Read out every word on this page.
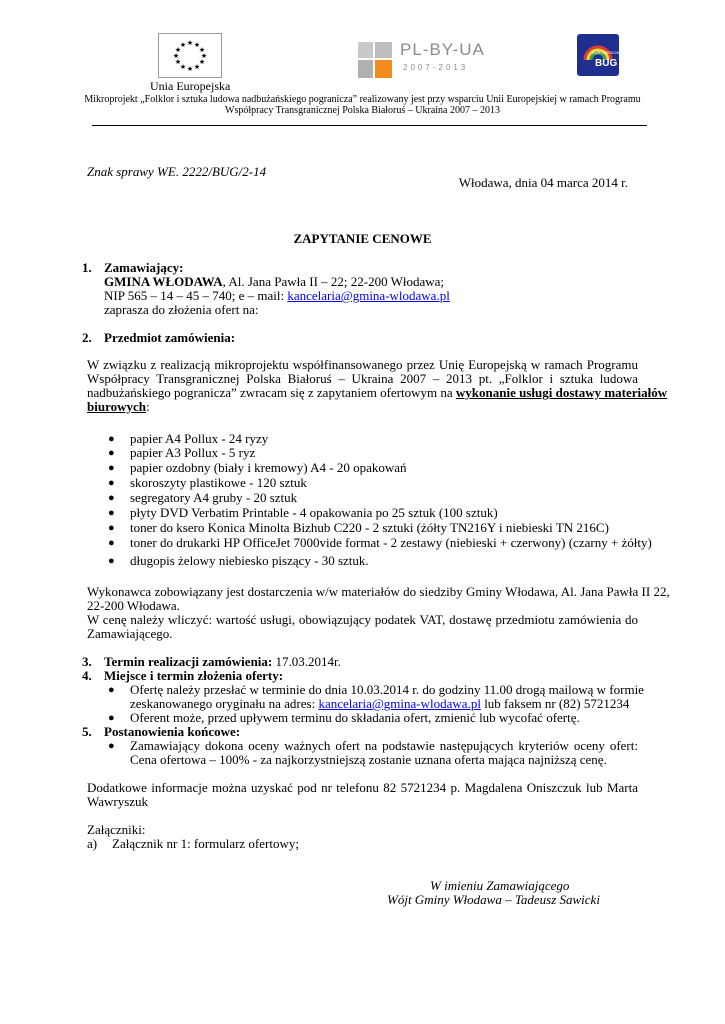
★ ★
★
★
★
★
★
★
★
★
★
★
Unia Europejska
PL-BY-UA
2007-2013
EUROREGION
BUG
Mikroprojekt „Folklor i sztuka ludowa nadbużańskiego pogranicza” realizowany jest przy wsparciu Unii Europejskiej w ramach Programu
Współpracy Transgranicznej Polska Białoruś – Ukraina 2007 – 2013
Znak sprawy WE. 2222/BUG/2-14
Włodawa, dnia 04 marca 2014 r.
ZAPYTANIE CENOWE
1. Zamawiający:
GMINA WŁODAWA, Al. Jana Pawła II – 22; 22-200 Włodawa;
NIP 565 – 14 – 45 – 740; e – mail: kancelaria@gmina-wlodawa.pl
zaprasza do złożenia ofert na:
2. Przedmiot zamówienia:
W związku z realizacją mikroprojektu współfinansowanego przez Unię Europejską w ramach Programu
Współpracy Transgranicznej Polska Białoruś – Ukraina 2007 – 2013 pt. „Folklor i sztuka ludowa
nadbużańskiego pogranicza” zwracam się z zapytaniem ofertowym na wykonanie usługi dostawy materiałów
biurowych:
● papier A4 Pollux - 24 ryzy
● papier A3 Pollux - 5 ryz
● papier ozdobny (biały i kremowy) A4 - 20 opakowań
● skoroszyty plastikowe - 120 sztuk
● segregatory A4 gruby - 20 sztuk
● płyty DVD Verbatim Printable - 4 opakowania po 25 sztuk (100 sztuk)
● toner do ksero Konica Minolta Bizhub C220 - 2 sztuki (żółty TN216Y i niebieski TN 216C)
● toner do drukarki HP OfficeJet 7000vide format - 2 zestawy (niebieski + czerwony) (czarny + żółty)
● długopis żelowy niebiesko piszący - 30 sztuk.
Wykonawca zobowiązany jest dostarczenia w/w materiałów do siedziby Gminy Włodawa, Al. Jana Pawła II 22,
22-200 Włodawa.
W cenę należy wliczyć: wartość usługi, obowiązujący podatek VAT, dostawę przedmiotu zamówienia do
Zamawiającego.
3. Termin realizacji zamówienia: 17.03.2014r.
4. Miejsce i termin złożenia oferty:
● Ofertę należy przesłać w terminie do dnia 10.03.2014 r. do godziny 11.00 drogą mailową w formie
zeskanowanego oryginału na adres: kancelaria@gmina-wlodawa.pl lub faksem nr (82) 5721234
● Oferent może, przed upływem terminu do składania ofert, zmienić lub wycofać ofertę.
5. Postanowienia końcowe:
● Zamawiający dokona oceny ważnych ofert na podstawie następujących kryteriów oceny ofert:
Cena ofertowa – 100% - za najkorzystniejszą zostanie uznana oferta mająca najniższą cenę.
Dodatkowe informacje można uzyskać pod nr telefonu 82 5721234 p. Magdalena Oniszczuk lub Marta
Wawryszuk
Załączniki:
a) Załącznik nr 1: formularz ofertowy;
W imieniu Zamawiającego
Wójt Gminy Włodawa – Tadeusz Sawicki
